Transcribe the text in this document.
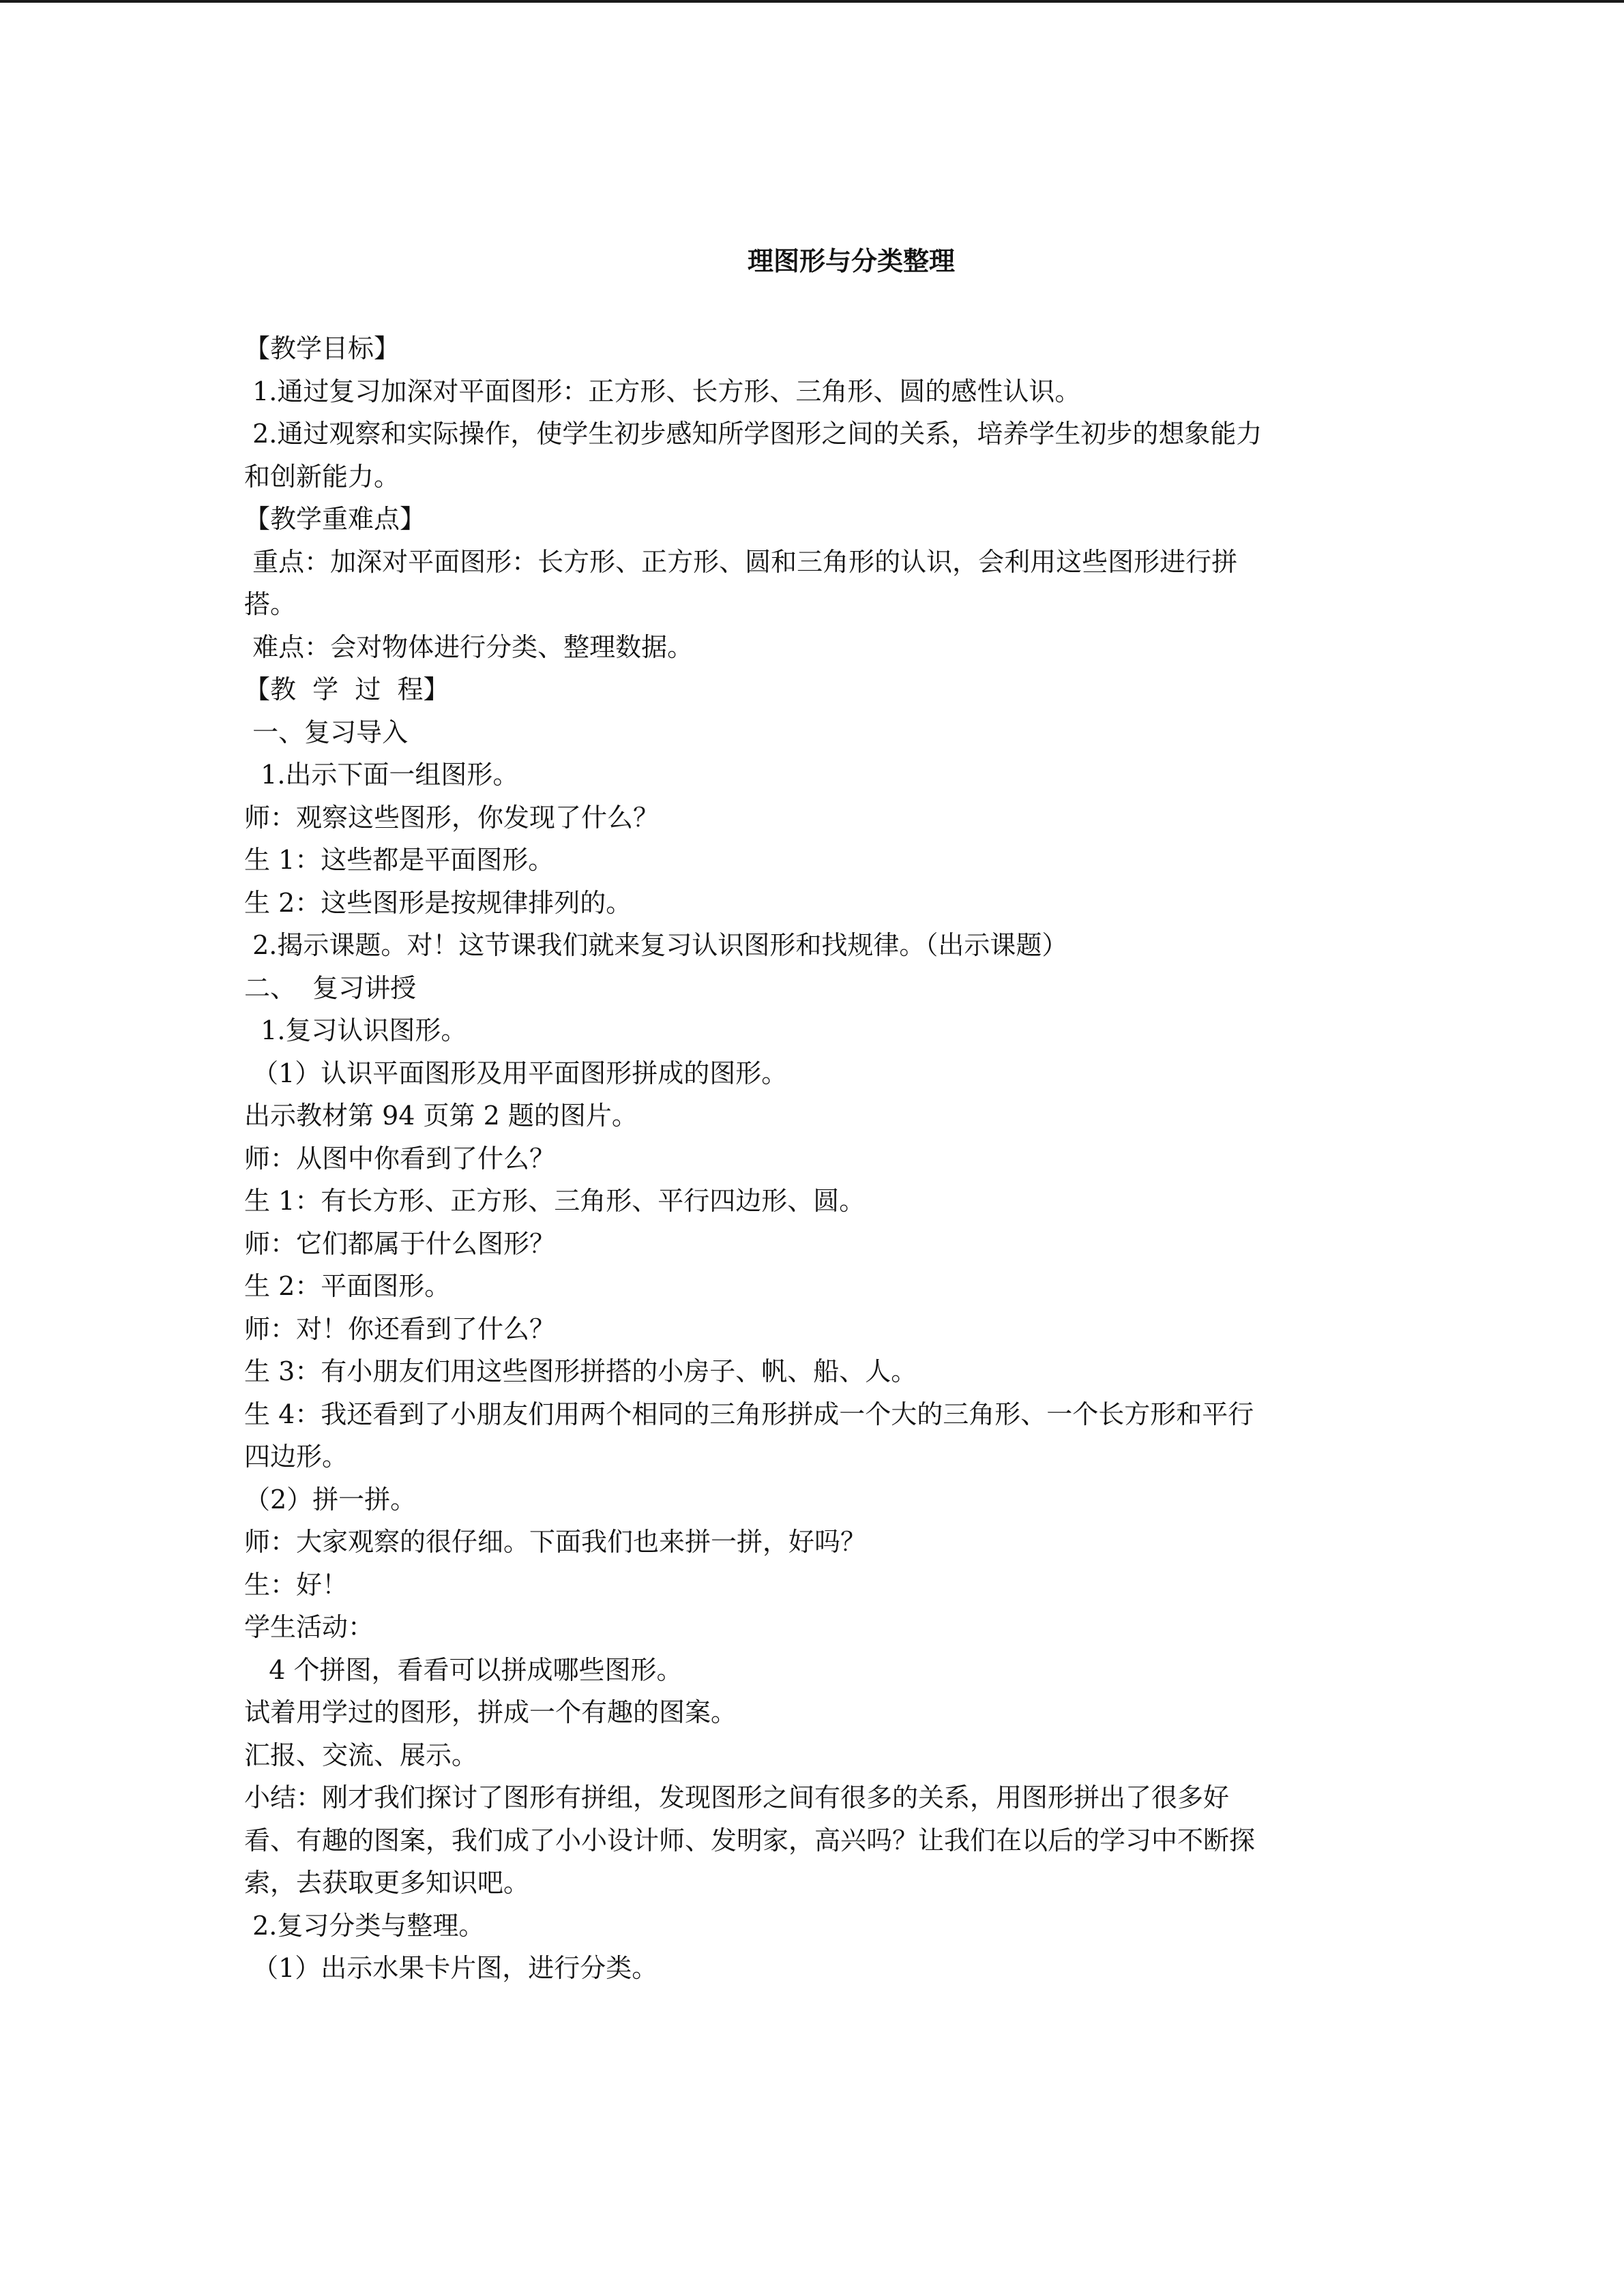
理图形与分类整理

【教学目标】

1.通过复习加深对平面图形：正方形、长方形、三角形、圆的感性认识。

2.通过观察和实际操作，使学生初步感知所学图形之间的关系，培养学生初步的想象能力

和创新能力。

【教学重难点】

重点：加深对平面图形：长方形、正方形、圆和三角形的认识，会利用这些图形进行拼

搭。

难点：会对物体进行分类、整理数据。

【教  学  过  程】

一、复习导入

1.出示下面一组图形。

师：观察这些图形，你发现了什么？

生 1：这些都是平面图形。

生 2：这些图形是按规律排列的。

2.揭示课题。对！这节课我们就来复习认识图形和找规律。（出示课题）

二、  复习讲授

1.复习认识图形。

（1）认识平面图形及用平面图形拼成的图形。

出示教材第 94 页第 2 题的图片。

师：从图中你看到了什么？

生 1：有长方形、正方形、三角形、平行四边形、圆。

师：它们都属于什么图形？

生 2：平面图形。

师：对！你还看到了什么？

生 3：有小朋友们用这些图形拼搭的小房子、帆、船、人。

生 4：我还看到了小朋友们用两个相同的三角形拼成一个大的三角形、一个长方形和平行

四边形。

（2）拼一拼。

师：大家观察的很仔细。下面我们也来拼一拼，好吗？

生：好！

学生活动：

4 个拼图，看看可以拼成哪些图形。

试着用学过的图形，拼成一个有趣的图案。

汇报、交流、展示。

小结：刚才我们探讨了图形有拼组，发现图形之间有很多的关系，用图形拼出了很多好

看、有趣的图案，我们成了小小设计师、发明家，高兴吗？让我们在以后的学习中不断探

索，去获取更多知识吧。

2.复习分类与整理。

（1）出示水果卡片图，进行分类。
